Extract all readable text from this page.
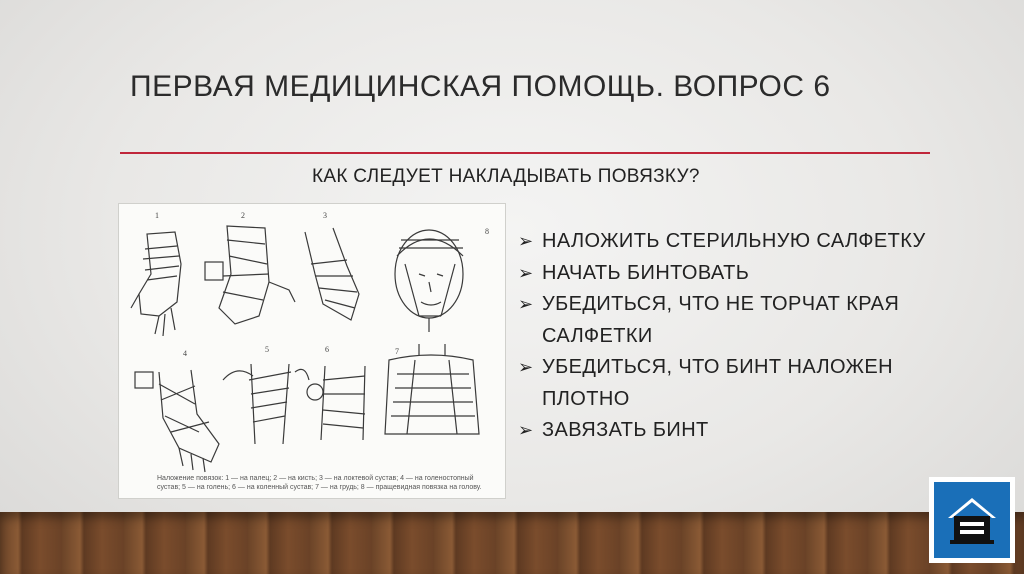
ПЕРВАЯ МЕДИЦИНСКАЯ ПОМОЩЬ. ВОПРОС 6
КАК СЛЕДУЕТ НАКЛАДЫВАТЬ ПОВЯЗКУ?
1	2	3
4	5	6	7
8
Наложение повязок: 1 — на палец; 2 — на кисть; 3 — на локтевой сустав; 4 — на голеностопный сустав; 5 — на голень; 6 — на коленный сустав; 7 — на грудь; 8 — пращевидная повязка на голову.
➢ НАЛОЖИТЬ СТЕРИЛЬНУЮ САЛФЕТКУ
➢ НАЧАТЬ БИНТОВАТЬ
➢ УБЕДИТЬСЯ, ЧТО НЕ ТОРЧАТ КРАЯ САЛФЕТКИ
➢ УБЕДИТЬСЯ, ЧТО БИНТ НАЛОЖЕН ПЛОТНО
➢ ЗАВЯЗАТЬ БИНТ
